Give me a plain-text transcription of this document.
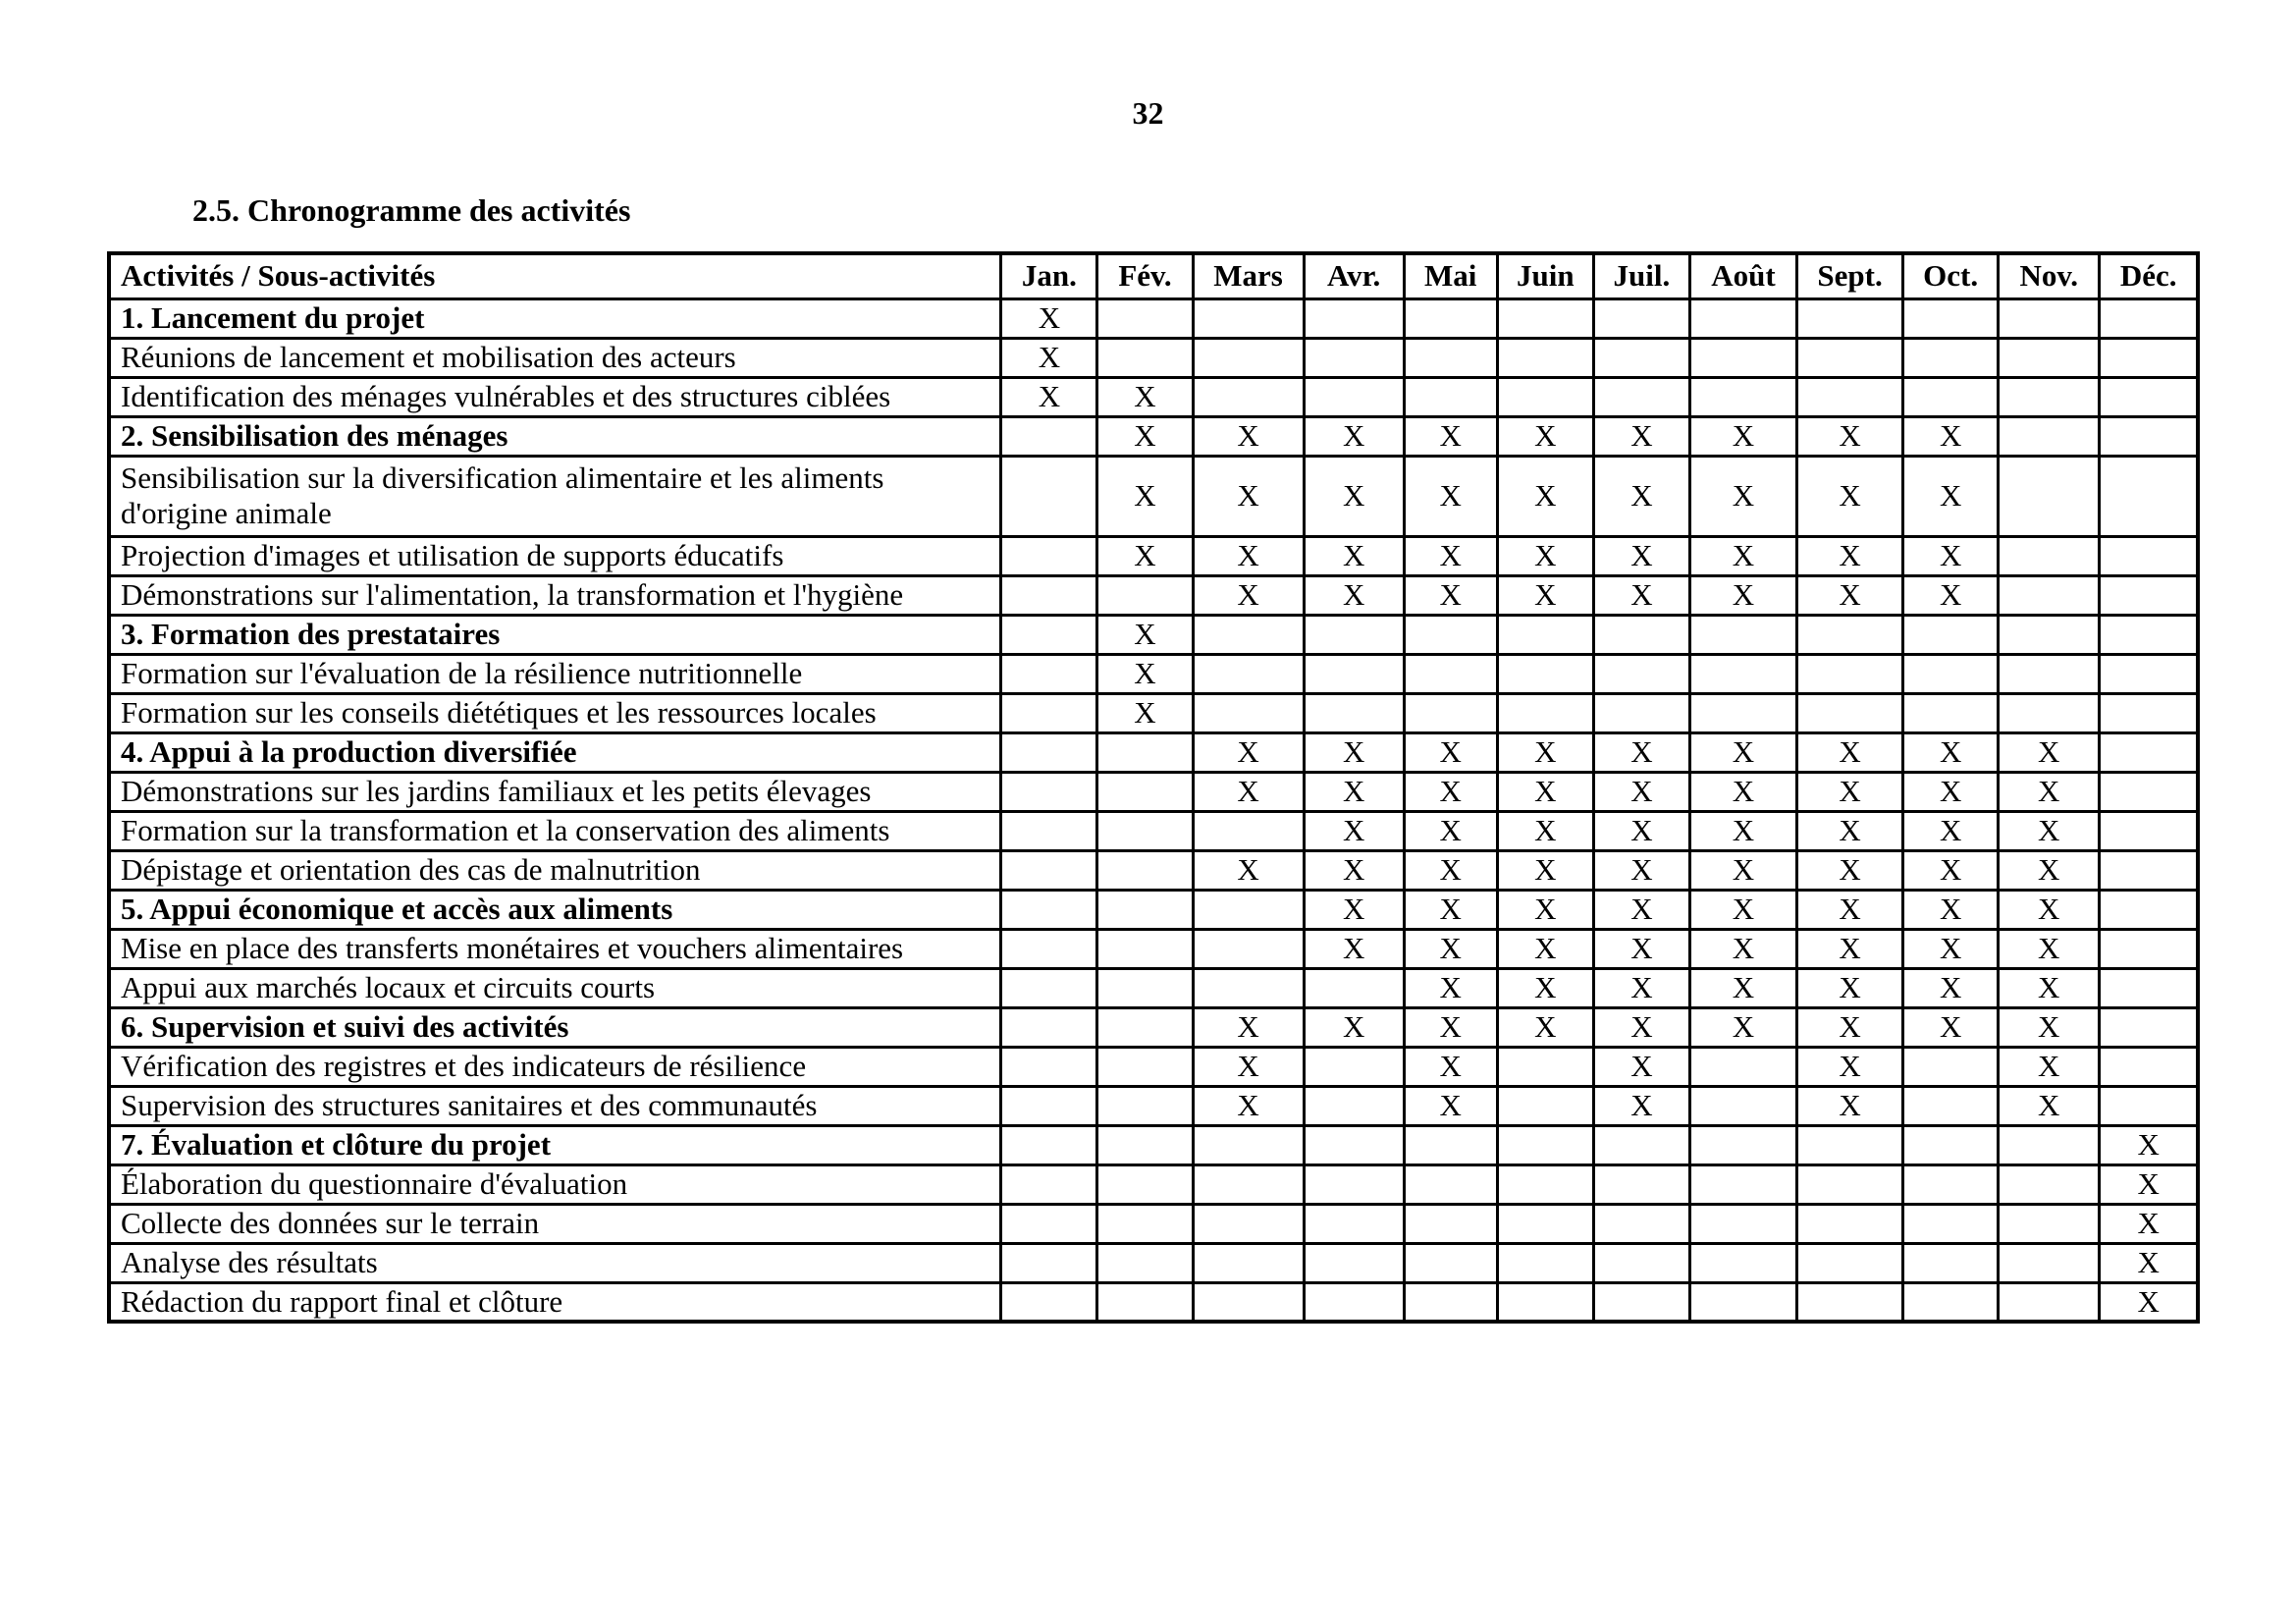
32
2.5. Chronogramme des activités
Activités / Sous-activités	Jan.	Fév.	Mars	Avr.	Mai	Juin	Juil.	Août	Sept.	Oct.	Nov.	Déc.
1. Lancement du projet	X											
Réunions de lancement et mobilisation des acteurs	X											
Identification des ménages vulnérables et des structures ciblées	X	X										
2. Sensibilisation des ménages		X	X	X	X	X	X	X	X	X		
Sensibilisation sur la diversification alimentaire et les aliments d'origine animale		X	X	X	X	X	X	X	X	X		
Projection d'images et utilisation de supports éducatifs		X	X	X	X	X	X	X	X	X		
Démonstrations sur l'alimentation, la transformation et l'hygiène			X	X	X	X	X	X	X	X		
3. Formation des prestataires		X										
Formation sur l'évaluation de la résilience nutritionnelle		X										
Formation sur les conseils diététiques et les ressources locales		X										
4. Appui à la production diversifiée			X	X	X	X	X	X	X	X	X	
Démonstrations sur les jardins familiaux et les petits élevages			X	X	X	X	X	X	X	X	X	
Formation sur la transformation et la conservation des aliments				X	X	X	X	X	X	X	X	
Dépistage et orientation des cas de malnutrition			X	X	X	X	X	X	X	X	X	
5. Appui économique et accès aux aliments				X	X	X	X	X	X	X	X	
Mise en place des transferts monétaires et vouchers alimentaires				X	X	X	X	X	X	X	X	
Appui aux marchés locaux et circuits courts					X	X	X	X	X	X	X	
6. Supervision et suivi des activités			X	X	X	X	X	X	X	X	X	
Vérification des registres et des indicateurs de résilience			X		X		X		X		X	
Supervision des structures sanitaires et des communautés			X		X		X		X		X	
7. Évaluation et clôture du projet												X
Élaboration du questionnaire d'évaluation												X
Collecte des données sur le terrain												X
Analyse des résultats												X
Rédaction du rapport final et clôture												X
